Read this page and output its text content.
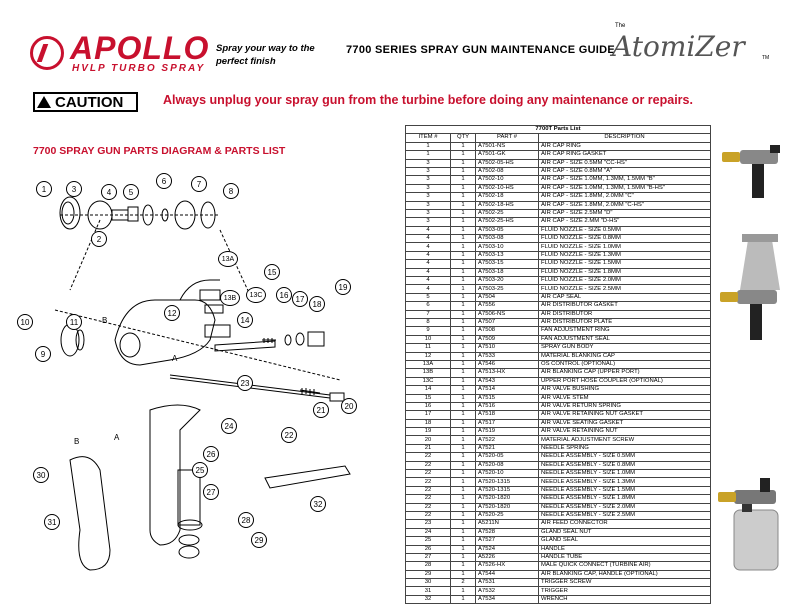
APOLLO
HVLP TURBO SPRAY
Spray your way to the perfect finish
7700 SERIES SPRAY GUN MAINTENANCE GUIDE
The
AtomiZer	TM
CAUTION	Always unplug your spray gun from the turbine before doing any maintenance or repairs.
7700 SPRAY GUN PARTS DIAGRAM & PARTS LIST
1	3	4	5
6	7
8
2
13A
13B	13C
15
16 17
18
19
12
14
10	11
9
23
25
24
22
21	20
26
27
28
29
30
31
32
B
A
B	A
7700T Parts List			
ITEM #	QTY	PART #	DESCRIPTION
1	1	A7501-NS	AIR CAP RING
1	1	A7501-GK	AIR CAP RING GASKET
3	1	A7502-05-HS	AIR CAP - SIZE 0.5MM "CC-HS"
3	1	A7502-08	AIR CAP - SIZE 0.8MM "A"
3	1	A7502-10	AIR CAP - SIZE 1.0MM, 1.3MM, 1.5MM "B"
3	1	A7502-10-HS	AIR CAP - SIZE 1.0MM, 1.3MM, 1.5MM "B-HS"
3	1	A7502-18	AIR CAP - SIZE 1.8MM, 2.0MM "C"
3	1	A7502-18-HS	AIR CAP - SIZE 1.8MM, 2.0MM "C-HS"
3	1	A7502-25	AIR CAP - SIZE 2.5MM "D"
3	1	A7502-25-HS	AIR CAP - SIZE 2.MM "D-HS"
4	1	A7503-05	FLUID NOZZLE - SIZE 0.5MM
4	1	A7503-08	FLUID NOZZLE - SIZE 0.8MM
4	1	A7503-10	FLUID NOZZLE - SIZE 1.0MM
4	1	A7503-13	FLUID NOZZLE - SIZE 1.3MM
4	1	A7503-15	FLUID NOZZLE - SIZE 1.5MM
4	1	A7503-18	FLUID NOZZLE - SIZE 1.8MM
4	1	A7503-20	FLUID NOZZLE - SIZE 2.0MM
4	1	A7503-25	FLUID NOZZLE - SIZE 2.5MM
5	1	A7504	AIR CAP SEAL
6	1	A7556	AIR DISTRIBUTOR GASKET
7	1	A7506-NS	AIR DISTRIBUTOR
8	1	A7507	AIR DISTRIBUTOR PLATE
9	1	A7508	FAN ADJUSTMENT RING
10	1	A7509	FAN ADJUSTMENT SEAL
11	1	A7510	SPRAY GUN BODY
12	1	A7533	MATERIAL BLANKING CAP
13A	1	A7546	OS CONTROL (OPTIONAL)
13B	1	A7513-HX	AIR BLANKING CAP (UPPER PORT)
13C	1	A7543	UPPER PORT HOSE COUPLER (OPTIONAL)
14	1	A7514	AIR VALVE BUSHING
15	1	A7515	AIR VALVE STEM
16	1	A7516	AIR VALVE RETURN SPRING
17	1	A7518	AIR VALVE RETAINING NUT GASKET
18	1	A7517	AIR VALVE SEATING GASKET
19	1	A7519	AIR VALVE RETAINING NUT
20	1	A7522	MATERIAL ADJUSTMENT SCREW
21	1	A7521	NEEDLE SPRING
22	1	A7520-05	NEEDLE ASSEMBLY - SIZE 0.5MM
22	1	A7520-08	NEEDLE ASSEMBLY - SIZE 0.8MM
22	1	A7520-10	NEEDLE ASSEMBLY - SIZE 1.0MM
22	1	A7520-1315	NEEDLE ASSEMBLY - SIZE 1.3MM
22	1	A7520-1315	NEEDLE ASSEMBLY - SIZE 1.5MM
22	1	A7520-1820	NEEDLE ASSEMBLY - SIZE 1.8MM
22	1	A7520-1820	NEEDLE ASSEMBLY - SIZE 2.0MM
22	1	A7520-25	NEEDLE ASSEMBLY - SIZE 2.5MM
23	1	A5211N	AIR FEED CONNECTOR
24	1	A7528	GLAND SEAL NUT
25	1	A7527	GLAND SEAL
26	1	A7524	HANDLE
27	1	A5226	HANDLE TUBE
28	1	A7526-HX	MALE QUICK CONNECT (TURBINE AIR)
29	1	A7544	AIR BLANKING CAP, HANDLE (OPTIONAL)
30	2	A7531	TRIGGER SCREW
31	1	A7532	TRIGGER
32	1	A7534	WRENCH
